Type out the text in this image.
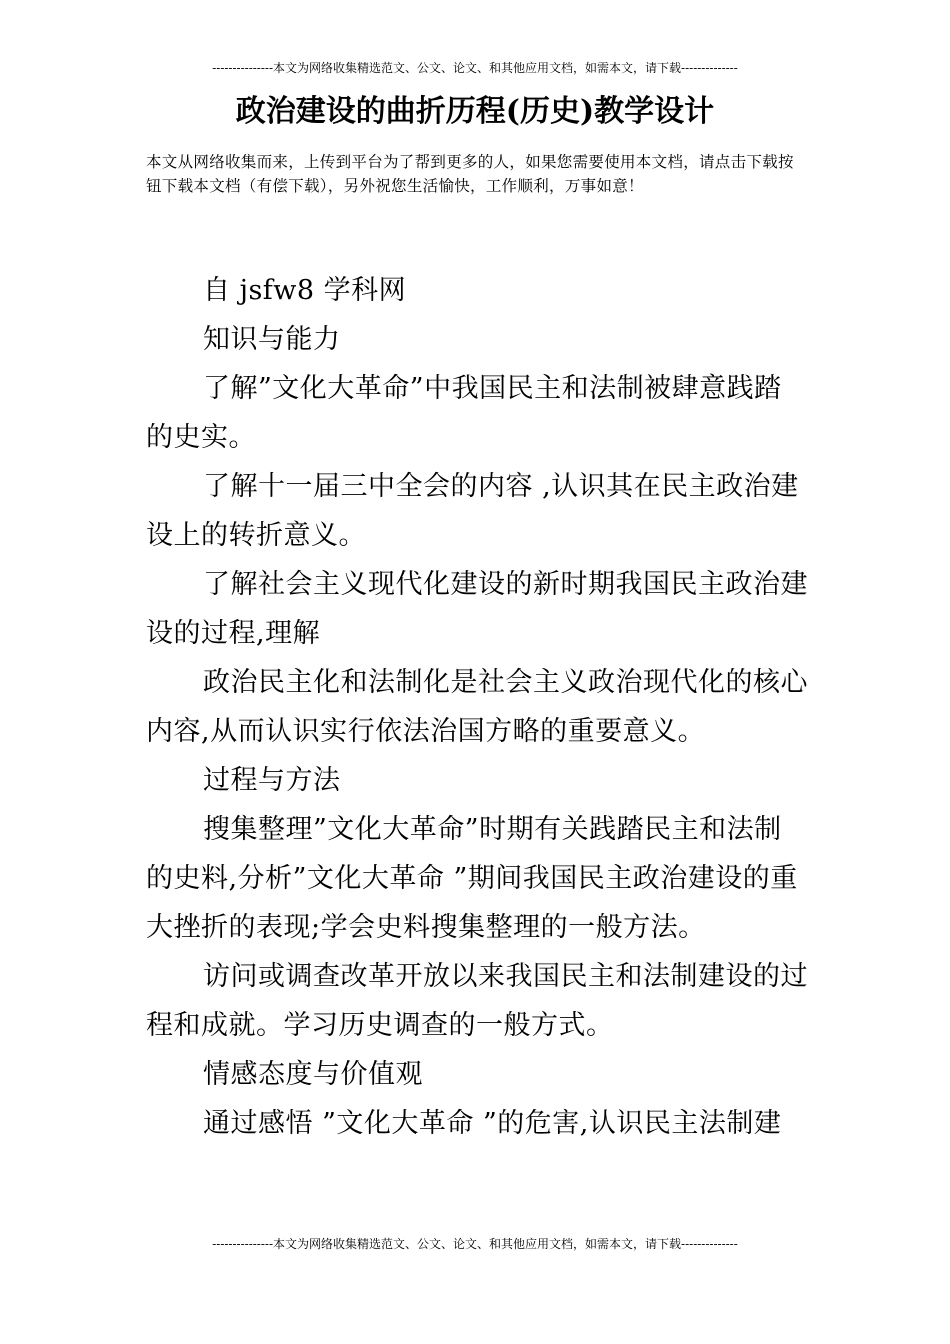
---------------本文为网络收集精选范文、公文、论文、和其他应用文档，如需本文，请下载--------------
政治建设的曲折历程(历史)教学设计
本文从网络收集而来，上传到平台为了帮到更多的人，如果您需要使用本文档，请点击下载按钮下载本文档（有偿下载），另外祝您生活愉快，工作顺利，万事如意！

自 jsfw8 学科网

知识与能力

了解”文化大革命”中我国民主和法制被肆意践踏的史实。

了解十一届三中全会的内容 ,认识其在民主政治建设上的转折意义。

了解社会主义现代化建设的新时期我国民主政治建设的过程,理解

政治民主化和法制化是社会主义政治现代化的核心内容,从而认识实行依法治国方略的重要意义。

过程与方法

搜集整理”文化大革命”时期有关践踏民主和法制的史料,分析”文化大革命 ”期间我国民主政治建设的重大挫折的表现;学会史料搜集整理的一般方法。

访问或调查改革开放以来我国民主和法制建设的过程和成就。学习历史调查的一般方式。

情感态度与价值观

通过感悟 ”文化大革命 ”的危害,认识民主法制建

---------------本文为网络收集精选范文、公文、论文、和其他应用文档，如需本文，请下载--------------
